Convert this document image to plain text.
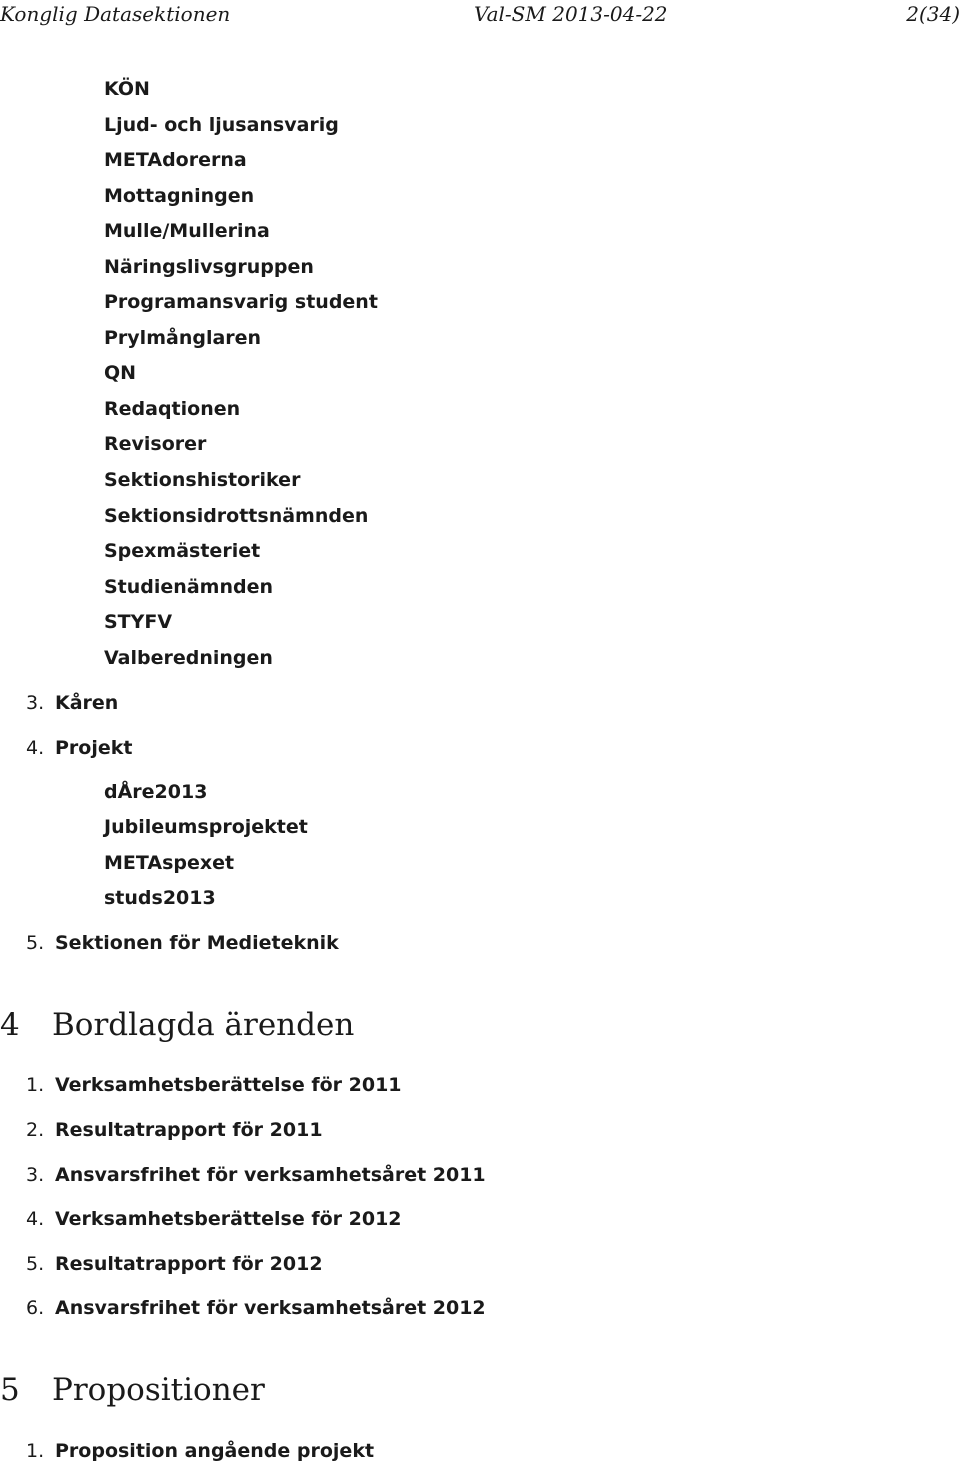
Konglig Datasektionen	Val-SM 2013-04-22	2(34)
KÖN
Ljud- och ljusansvarig
METAdorerna
Mottagningen
Mulle/Mullerina
Näringslivsgruppen
Programansvarig student
Prylmånglaren
QN
Redaqtionen
Revisorer
Sektionshistoriker
Sektionsidrottsnämnden
Spexmästeriet
Studienämnden
STYFV
Valberedningen
3. Kåren
4. Projekt
dÅre2013
Jubileumsprojektet
METAspexet
studs2013
5. Sektionen för Medieteknik
4 Bordlagda ärenden
1. Verksamhetsberättelse för 2011
2. Resultatrapport för 2011
3. Ansvarsfrihet för verksamhetsåret 2011
4. Verksamhetsberättelse för 2012
5. Resultatrapport för 2012
6. Ansvarsfrihet för verksamhetsåret 2012
5 Propositioner
1. Proposition angående projekt
